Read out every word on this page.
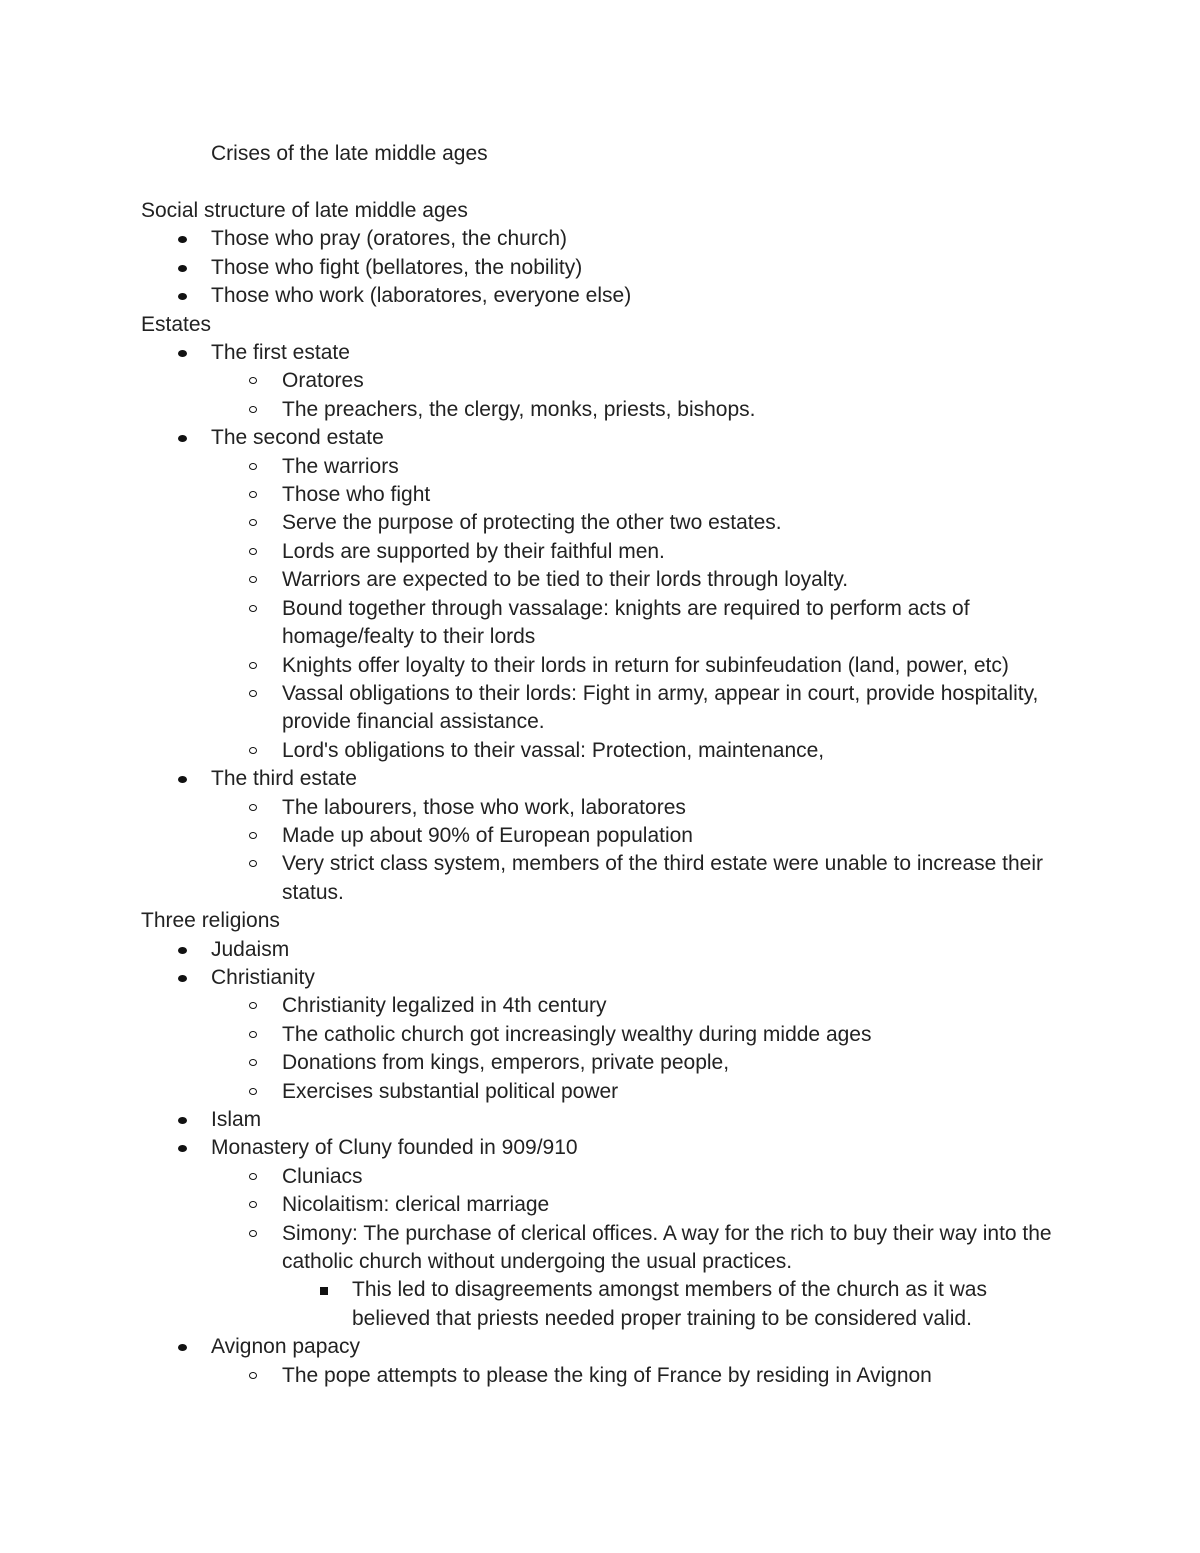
Crises of the late middle ages
Social structure of late middle ages
Those who pray (oratores, the church)
Those who fight (bellatores, the nobility)
Those who work (laboratores, everyone else)
Estates
The first estate
Oratores
The preachers, the clergy, monks, priests, bishops.
The second estate
The warriors
Those who fight
Serve the purpose of protecting the other two estates.
Lords are supported by their faithful men.
Warriors are expected to be tied to their lords through loyalty.
Bound together through vassalage: knights are required to perform acts of homage/fealty to their lords
Knights offer loyalty to their lords in return for subinfeudation (land, power, etc)
Vassal obligations to their lords: Fight in army, appear in court, provide hospitality, provide financial assistance.
Lord's obligations to their vassal: Protection, maintenance,
The third estate
The labourers, those who work, laboratores
Made up about 90% of European population
Very strict class system, members of the third estate were unable to increase their status.
Three religions
Judaism
Christianity
Christianity legalized in 4th century
The catholic church got increasingly wealthy during midde ages
Donations from kings, emperors, private people,
Exercises substantial political power
Islam
Monastery of Cluny founded in 909/910
Cluniacs
Nicolaitism: clerical marriage
Simony: The purchase of clerical offices. A way for the rich to buy their way into the catholic church without undergoing the usual practices.
This led to disagreements amongst members of the church as it was believed that priests needed proper training to be considered valid.
Avignon papacy
The pope attempts to please the king of France by residing in Avignon
